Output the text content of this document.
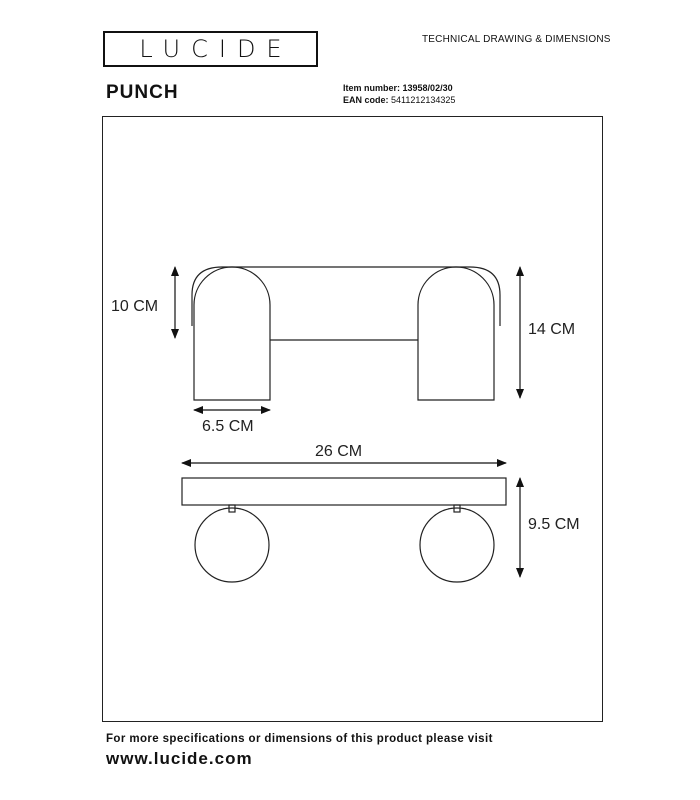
LUCIDE	TECHNICAL DRAWING & DIMENSIONS
PUNCH	Item number: 13958/02/30
EAN code: 5411212134325
10 CM
14 CM
6.5 CM
26 CM
9.5 CM
For more specifications or dimensions of this product please visit
www.lucide.com
